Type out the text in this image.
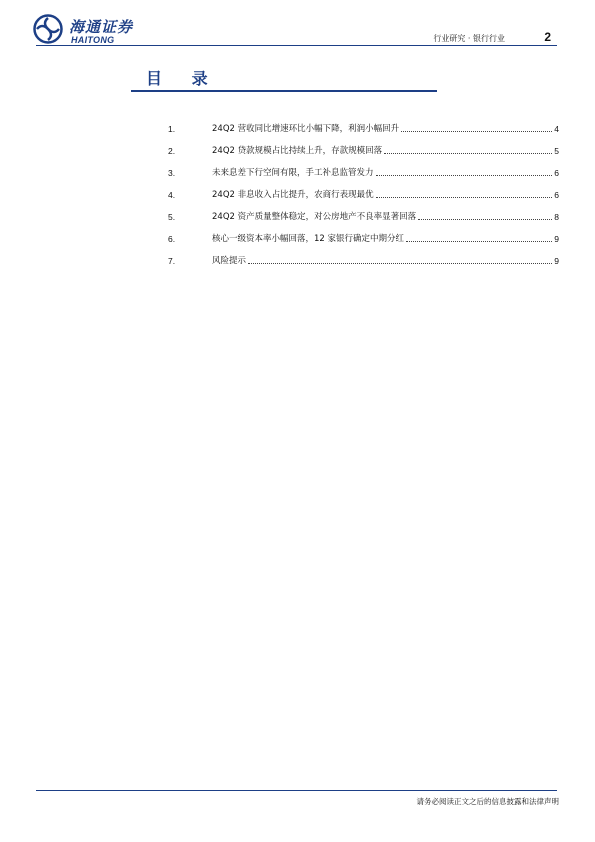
海通证券
HAITONG	行业研究 · 银行行业	2
目 录
1.	24Q2 营收同比增速环比小幅下降，利润小幅回升	4
2.	24Q2 贷款规模占比持续上升，存款规模回落	5
3.	未来息差下行空间有限，手工补息监管发力	6
4.	24Q2 非息收入占比提升，农商行表现最优	6
5.	24Q2 资产质量整体稳定，对公房地产不良率显著回落	8
6.	核心一级资本率小幅回落，12 家银行确定中期分红	9
7.	风险提示	9
请务必阅读正文之后的信息披露和法律声明
